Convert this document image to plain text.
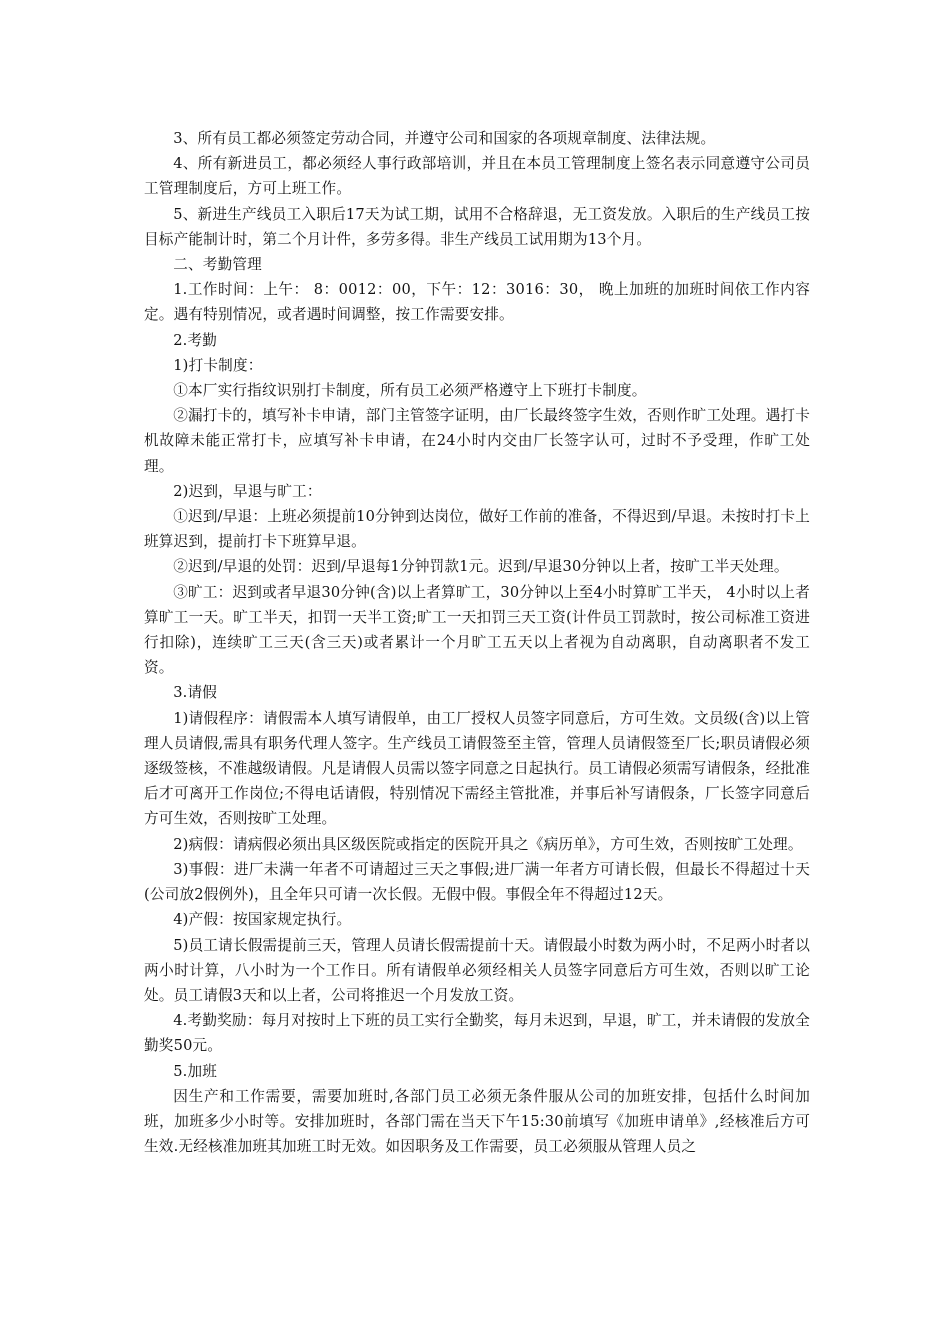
3、所有员工都必须签定劳动合同，并遵守公司和国家的各项规章制度、法律法规。

4、所有新进员工，都必须经人事行政部培训，并且在本员工管理制度上签名表示同意遵守公司员工管理制度后，方可上班工作。

5、新进生产线员工入职后17天为试工期，试用不合格辞退，无工资发放。入职后的生产线员工按目标产能制计时，第二个月计件，多劳多得。非生产线员工试用期为13个月。

二、考勤管理

1.工作时间：上午： 8：0012：00，下午：12：3016：30， 晚上加班的加班时间依工作内容定。遇有特别情况，或者遇时间调整，按工作需要安排。

2.考勤

1)打卡制度：

①本厂实行指纹识别打卡制度，所有员工必须严格遵守上下班打卡制度。

②漏打卡的，填写补卡申请，部门主管签字证明，由厂长最终签字生效，否则作旷工处理。遇打卡机故障未能正常打卡，应填写补卡申请，在24小时内交由厂长签字认可，过时不予受理，作旷工处理。

2)迟到，早退与旷工：

①迟到/早退：上班必须提前10分钟到达岗位，做好工作前的准备，不得迟到/早退。未按时打卡上班算迟到，提前打卡下班算早退。

②迟到/早退的处罚：迟到/早退每1分钟罚款1元。迟到/早退30分钟以上者，按旷工半天处理。

③旷工：迟到或者早退30分钟(含)以上者算旷工，30分钟以上至4小时算旷工半天， 4小时以上者算旷工一天。旷工半天，扣罚一天半工资;旷工一天扣罚三天工资(计件员工罚款时，按公司标准工资进行扣除)，连续旷工三天(含三天)或者累计一个月旷工五天以上者视为自动离职，自动离职者不发工资。

3.请假

1)请假程序：请假需本人填写请假单，由工厂授权人员签字同意后，方可生效。文员级(含)以上管理人员请假,需具有职务代理人签字。生产线员工请假签至主管，管理人员请假签至厂长;职员请假必须逐级签核，不准越级请假。凡是请假人员需以签字同意之日起执行。员工请假必须需写请假条，经批准后才可离开工作岗位;不得电话请假，特别情况下需经主管批准，并事后补写请假条，厂长签字同意后方可生效，否则按旷工处理。

2)病假：请病假必须出具区级医院或指定的医院开具之《病历单》，方可生效，否则按旷工处理。

3)事假：进厂未满一年者不可请超过三天之事假;进厂满一年者方可请长假，但最长不得超过十天(公司放2假例外)，且全年只可请一次长假。无假中假。事假全年不得超过12天。

4)产假：按国家规定执行。

5)员工请长假需提前三天，管理人员请长假需提前十天。请假最小时数为两小时，不足两小时者以两小时计算，八小时为一个工作日。所有请假单必须经相关人员签字同意后方可生效，否则以旷工论处。员工请假3天和以上者，公司将推迟一个月发放工资。

4.考勤奖励：每月对按时上下班的员工实行全勤奖，每月未迟到，早退，旷工，并未请假的发放全勤奖50元。

5.加班

因生产和工作需要，需要加班时,各部门员工必须无条件服从公司的加班安排，包括什么时间加班，加班多少小时等。安排加班时，各部门需在当天下午15:30前填写《加班申请单》,经核准后方可生效.无经核准加班其加班工时无效。如因职务及工作需要，员工必须服从管理人员之
